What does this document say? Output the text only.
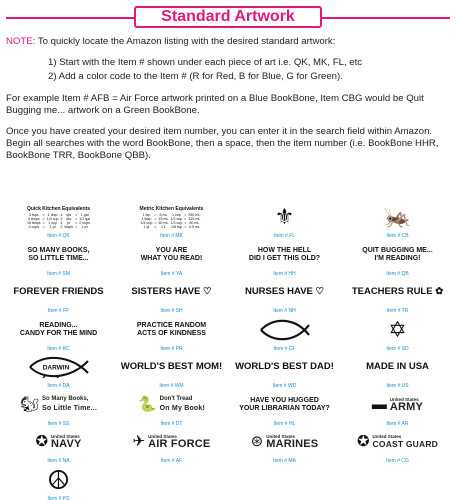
Standard Artwork

NOTE: To quickly locate the Amazon listing with the desired standard artwork:

1) Start with the Item # shown under each piece of art i.e. QK, MK, FL, etc
2) Add a color code to the Item # (R for Red, B for Blue, G for Green).

For example Item # AFB = Air Force artwork printed on a Blue BookBone, Item CBG would be Quit Bugging me... artwork on a Green BookBone.

Once you have created your desired item number, you can enter it in the search field within Amazon. Begin all searches with the word BookBone, then a space, then the item number (i.e. BookBone HHR, BookBone TRR, BookBone QBB).

Quick Kitchen Equivalents
3 tsps	=	1 tbsp	4	qts	=	1 gal
4 tbsps	=	1/4 cup	2	qts	=	1/2 gal
16 tbsps	=	1 cup	1	pt	=	2 cups
2 cups	=	1 pt	2	tbsps	=	1 oz
Item # QK
Metric Kitchen Equivalents
1 tsp	=	5 mL	1 cup	=	250 mL
1 tbsp	=	15 mL	1/2 cup	=	125 mL
1/4 cup	=	60 mL	1/3 cup	=	80 mL
1 qt	=	1 L	1/8 tsp	=	0.5 mL
Item # MK
⚜
Item # FL
🦗
Item # CB
SO MANY BOOKS,
SO LITTLE TIME...
Item # SM
YOU ARE
WHAT YOU READ!
Item # YA
HOW THE HELL
DID I GET THIS OLD?
Item # HH
QUIT BUGGING ME...
I'M READING!
Item # QB
FOREVER FRIENDS
Item # FF
SISTERS HAVE ♡
Item # SH
NURSES HAVE ♡
Item # NH
TEACHERS RULE ✿
Item # TR
READING...
CANDY FOR THE MIND
Item # RC
PRACTICE RANDOM
ACTS OF KINDNESS
Item # PR	Item # CF
✡
Item # SD
DARWIN
Item # DA
WORLD'S BEST MOM!
Item # WM
WORLD'S BEST DAD!
Item # WD
MADE IN USA
Item # US
🐿 So Many Books,
So Little Time...
Item # SS
🐍 Don't Tread
On My Book!
Item # DT
HAVE YOU HUGGED
YOUR LIBRARIAN TODAY?
Item # HL
▬ United States
ARMY
Item # AR
✪ United States
NAVY
Item # NA
✈ United States
AIR FORCE
Item # AF
⊛ United States
MARINES
Item # MA
✪ United States
COAST GUARD
Item # CG
☮
Item # PS
